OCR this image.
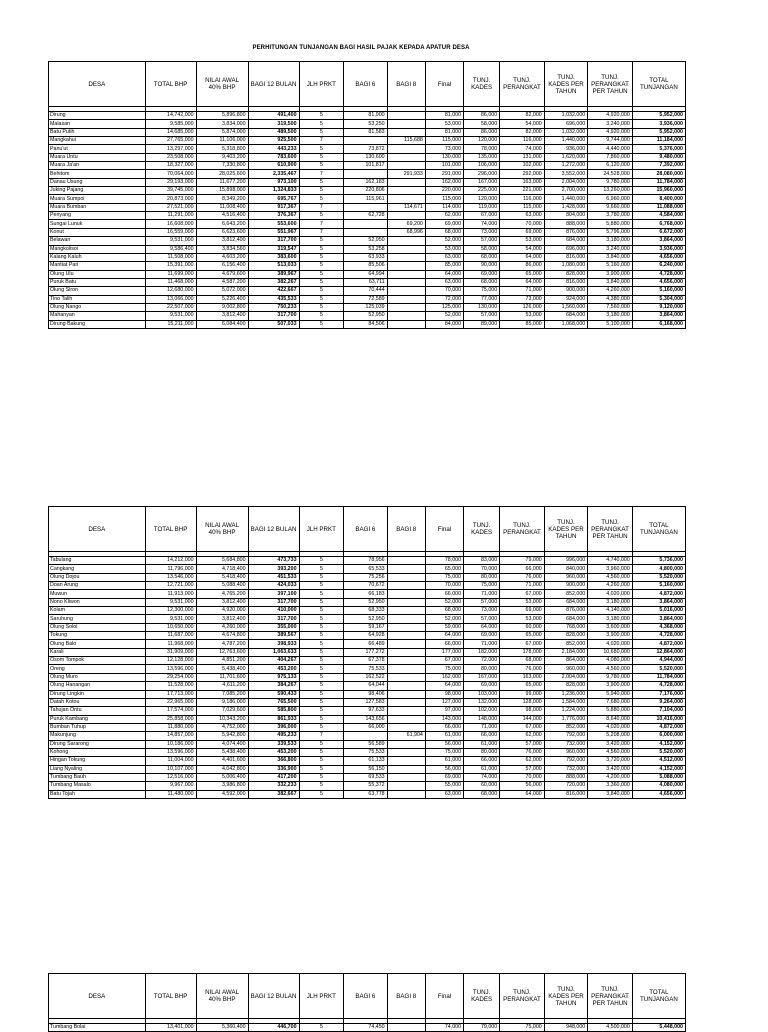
PERHITUNGAN TUNJANGAN BAGI HASIL PAJAK KEPADA APATUR DESA
DESA	TOTAL BHP	NILAI AWAL 40% BHP	BAGI 12 BULAN	JLH PRKT	BAGI 6	BAGI 8	Final	TUNJ. KADES	TUNJ. PERANGKAT	TUNJ. KADES PER TAHUN	TUNJ. PERANGKAT PER TAHUN	TOTAL TUNJANGAN

Dirung	14,742,000	5,896,800	491,400	5	81,900		81,000	86,000	82,000	1,032,000	4,920,000	5,952,000
Malasan	9,585,000	3,834,000	319,500	5	53,250		53,000	58,000	54,000	696,000	3,240,000	3,936,000
Batu Putih	14,685,000	5,874,000	489,500	5	81,583		81,000	86,000	82,000	1,032,000	4,920,000	5,952,000
Mangkahui	27,765,000	11,106,000	925,500	7		115,688	115,000	120,000	116,000	1,440,000	9,744,000	11,184,000
Panu'ut	13,297,000	5,318,800	443,233	5	73,872		73,000	78,000	74,000	936,000	4,440,000	5,376,000
Muara Untu	23,508,000	9,403,200	783,600	5	130,600		130,000	135,000	131,000	1,620,000	7,860,000	9,480,000
Muara Ja'an	18,327,000	7,330,800	610,900	5	101,817		101,000	106,000	102,000	1,272,000	6,120,000	7,392,000
Behitom	70,064,000	28,025,600	2,335,467	7		291,933	291,000	296,000	292,000	3,552,000	24,528,000	28,080,000
Danau Usung	29,193,000	11,677,200	973,100	5	162,183		162,000	167,000	163,000	2,004,000	9,780,000	11,784,000
Juking Pajang	39,745,000	15,898,000	1,324,833	5	220,806		220,000	225,000	221,000	2,700,000	13,260,000	15,960,000
Muara Sumpoi	20,873,000	8,349,200	695,767	5	115,961		115,000	120,000	116,000	1,440,000	6,960,000	8,400,000
Muara Bumban	27,521,000	11,008,400	917,367	7		114,671	114,000	119,000	115,000	1,428,000	9,660,000	11,088,000
Penyang	11,291,000	4,516,400	376,367	5	62,728		62,000	67,000	63,000	804,000	3,780,000	4,584,000
Sungai Lunuk	16,608,000	6,643,200	553,600	7		69,200	69,000	74,000	70,000	888,000	5,880,000	6,768,000
Konut	16,559,000	6,623,600	551,967	7		68,996	68,000	73,000	69,000	876,000	5,796,000	6,672,000
Belawan	9,531,000	3,812,400	317,700	5	52,950		52,000	57,000	53,000	684,000	3,180,000	3,864,000
Mangkolisoi	9,586,400	3,834,560	319,547	5	53,258		53,000	58,000	54,000	696,000	3,240,000	3,936,000
Kalang Kaluh	11,508,000	4,603,200	383,600	5	63,933		63,000	68,000	64,000	816,000	3,840,000	4,656,000
Mantiat Pari	15,391,000	6,156,400	513,033	5	85,506		85,000	90,000	86,000	1,080,000	5,160,000	6,240,000
Olung Ulu	11,699,000	4,679,600	389,967	5	64,994		64,000	69,000	65,000	828,000	3,900,000	4,728,000
Puruk Batu	11,468,000	4,587,200	382,267	5	63,711		63,000	68,000	64,000	816,000	3,840,000	4,656,000
Olung Siron	12,680,000	5,072,000	422,667	5	70,444		70,000	75,000	71,000	900,000	4,260,000	5,160,000
Tino Talih	13,066,000	5,226,400	435,533	5	72,589		72,000	77,000	73,000	924,000	4,380,000	5,304,000
Olung Nango	22,507,000	9,002,800	750,233	5	125,039		125,000	130,000	126,000	1,560,000	7,560,000	9,120,000
Mahanyan	9,531,000	3,812,400	317,700	5	52,950		52,000	57,000	53,000	684,000	3,180,000	3,864,000
Dirung Bakung	15,211,000	6,084,400	507,033	5	84,506		84,000	89,000	85,000	1,068,000	5,100,000	6,168,000
DESA	TOTAL BHP	NILAI AWAL 40% BHP	BAGI 12 BULAN	JLH PRKT	BAGI 6	BAGI 8	Final	TUNJ. KADES	TUNJ. PERANGKAT	TUNJ. KADES PER TAHUN	TUNJ. PERANGKAT PER TAHUN	TOTAL TUNJANGAN

Tabulang	14,212,000	5,684,800	473,733	5	78,956		78,000	83,000	79,000	996,000	4,740,000	5,736,000
Cangkang	11,796,000	4,718,400	393,200	5	65,533		65,000	70,000	66,000	840,000	3,960,000	4,800,000
Olung Dojou	13,546,000	5,418,400	451,533	5	75,256		75,000	80,000	76,000	960,000	4,560,000	5,520,000
Doan Arung	12,721,000	5,088,400	424,033	5	70,672		70,000	75,000	71,000	900,000	4,260,000	5,160,000
Muwun	11,913,000	4,765,200	397,100	5	66,183		66,000	71,000	67,000	852,000	4,020,000	4,872,000
Nono Kliwon	9,531,000	3,812,400	317,700	5	52,950		52,000	57,000	53,000	684,000	3,180,000	3,864,000
Kolam	12,300,000	4,920,000	410,000	5	68,333		68,000	73,000	69,000	876,000	4,140,000	5,016,000
Saruhung	9,531,000	3,812,400	317,700	5	52,950		52,000	57,000	53,000	684,000	3,180,000	3,864,000
Olung Soloi	10,650,000	4,260,000	355,000	5	59,167		59,000	64,000	60,000	768,000	3,600,000	4,368,000
Tokung	11,687,000	4,674,800	389,567	5	64,928		64,000	69,000	65,000	828,000	3,900,000	4,728,000
Olung Balo	11,968,000	4,787,200	398,933	5	66,489		66,000	71,000	67,000	852,000	4,020,000	4,872,000
Karali	31,909,000	12,763,600	1,063,633	5	177,272		177,000	182,000	178,000	2,184,000	10,680,000	12,864,000
Osom Tompok	12,128,000	4,851,200	404,267	5	67,378		67,000	72,000	68,000	864,000	4,080,000	4,944,000
Oreng	13,596,000	5,438,400	453,200	5	75,533		75,000	80,000	76,000	960,000	4,560,000	5,520,000
Olung Muro	29,254,000	11,701,600	975,133	5	162,522		162,000	167,000	163,000	2,004,000	9,780,000	11,784,000
Olung Hanangan	11,528,000	4,611,200	384,267	5	64,044		64,000	69,000	65,000	828,000	3,900,000	4,728,000
Dirung Lingkin	17,713,000	7,085,200	590,433	5	98,406		98,000	103,000	99,000	1,236,000	5,940,000	7,176,000
Datah Kotou	22,965,000	9,186,000	765,500	5	127,583		127,000	132,000	128,000	1,584,000	7,680,000	9,264,000
Tahujan Ontu	17,574,000	7,029,600	585,800	5	97,633		97,000	102,000	98,000	1,224,000	5,880,000	7,104,000
Puruk Kambang	25,858,000	10,343,200	861,933	5	143,656		143,000	148,000	144,000	1,776,000	8,640,000	10,416,000
Bumban Tuhup	11,880,000	4,752,000	396,000	5	66,000		66,000	71,000	67,000	852,000	4,020,000	4,872,000
Makunjung	14,857,000	5,942,800	495,233	7		61,904	61,000	66,000	62,000	792,000	5,208,000	6,000,000
Dirung Sararong	10,186,000	4,074,400	339,533	5	56,589		56,000	61,000	57,000	732,000	3,420,000	4,152,000
Kohong	13,596,000	5,438,400	453,200	5	75,533		75,000	80,000	76,000	960,000	4,560,000	5,520,000
Hingan Tokung	11,004,000	4,401,600	366,800	5	61,133		61,000	66,000	62,000	792,000	3,720,000	4,512,000
Liang Nyaling	10,107,000	4,042,800	336,900	5	56,150		56,000	61,000	57,000	732,000	3,420,000	4,152,000
Tumbang Bauh	12,516,000	5,006,400	417,200	5	69,533		69,000	74,000	70,000	888,000	4,200,000	5,088,000
Tumbang Masalo	9,967,000	3,986,800	332,233	5	55,372		55,000	60,000	56,000	720,000	3,360,000	4,080,000
Batu Tojah	11,480,000	4,592,000	382,667	5	63,778		63,000	68,000	64,000	816,000	3,840,000	4,656,000
DESA	TOTAL BHP	NILAI AWAL 40% BHP	BAGI 12 BULAN	JLH PRKT	BAGI 6	BAGI 8	Final	TUNJ. KADES	TUNJ. PERANGKAT	TUNJ. KADES PER TAHUN	TUNJ. PERANGKAT PER TAHUN	TOTAL TUNJANGAN

Tumbang Bolai	13,401,000	5,360,400	446,700	5	74,450		74,000	79,000	75,000	948,000	4,500,000	5,448,000
